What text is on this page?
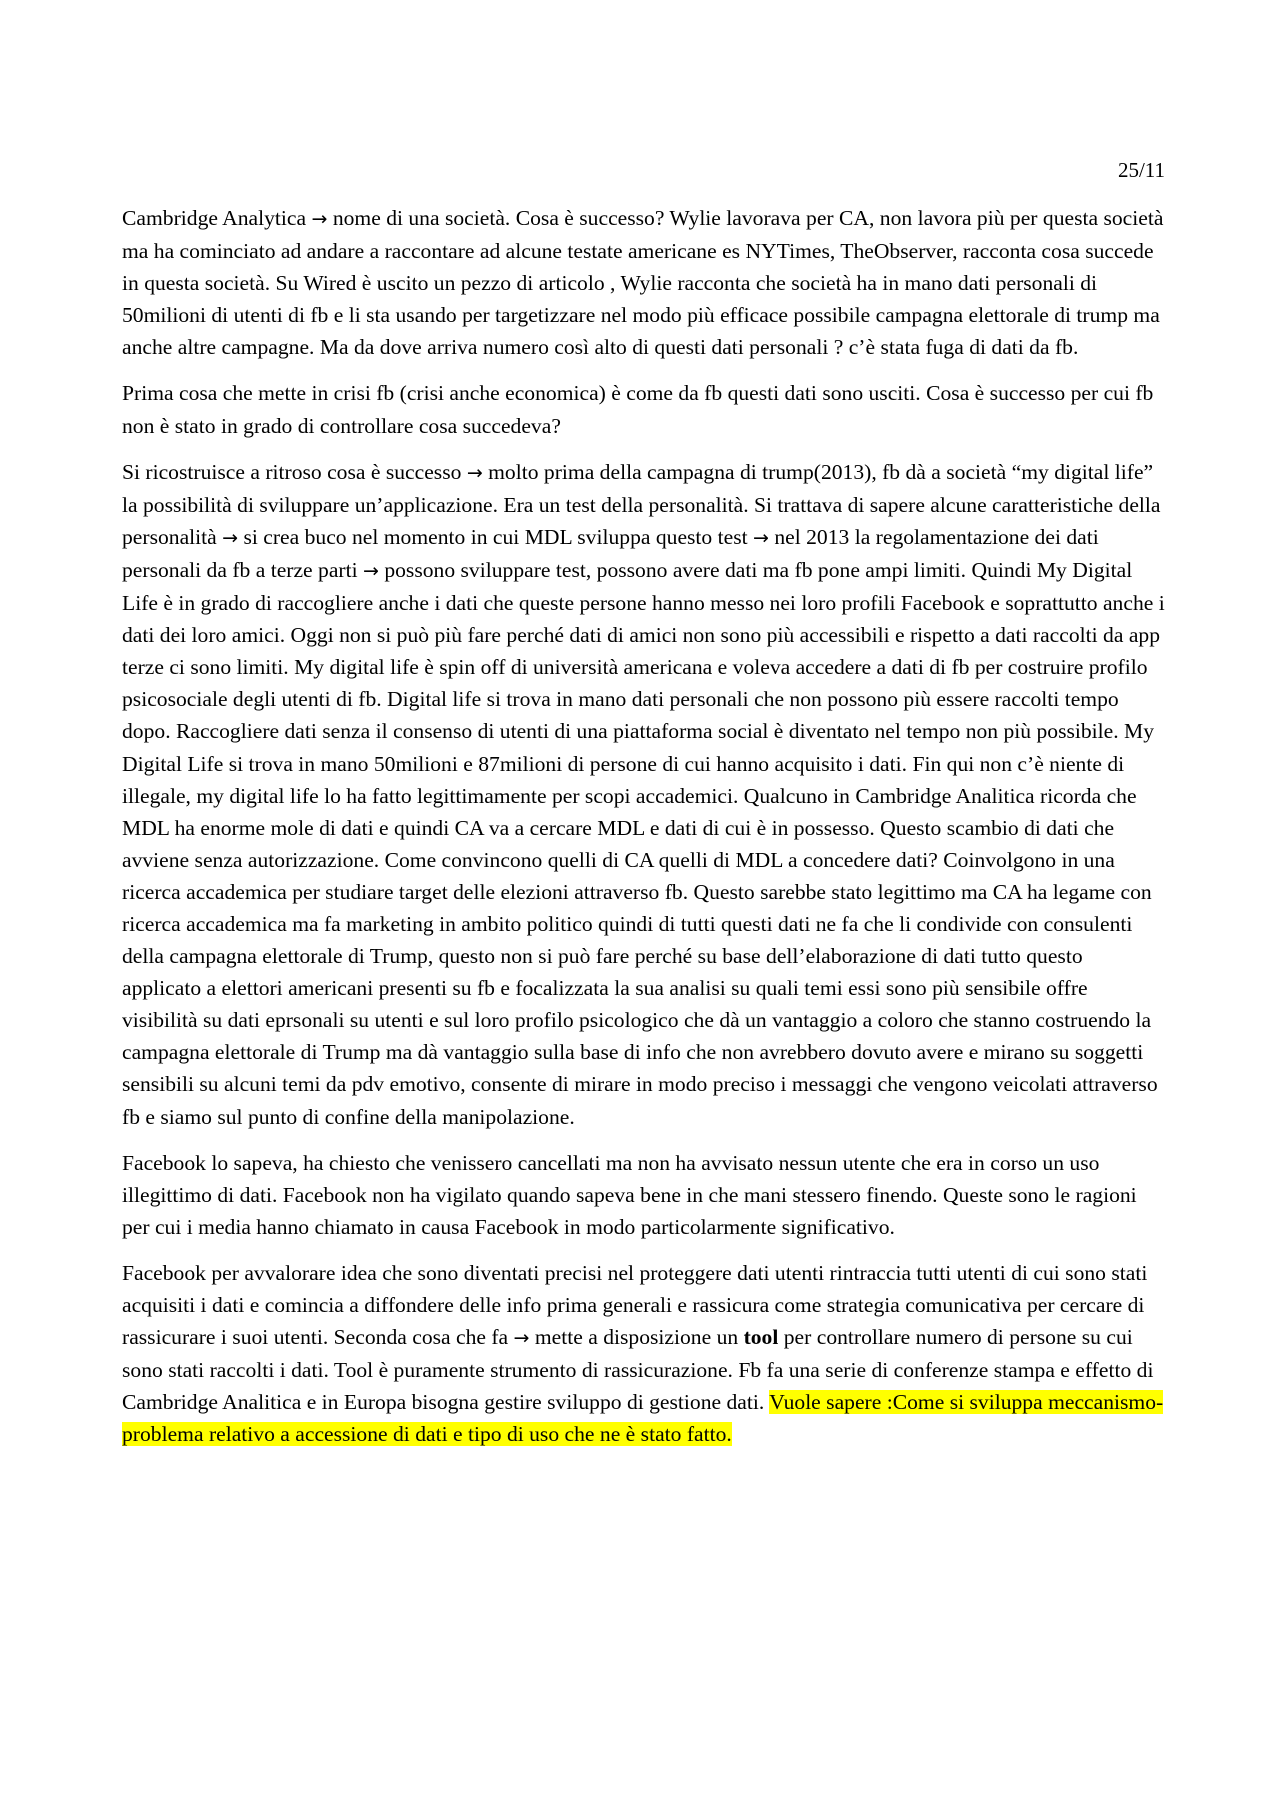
25/11

Cambridge Analytica → nome di una società. Cosa è successo? Wylie lavorava per CA, non lavora più per questa società ma ha cominciato ad andare a raccontare ad alcune testate americane es NYTimes, TheObserver, racconta cosa succede in questa società. Su Wired è uscito un pezzo di articolo , Wylie racconta che società ha in mano dati personali di 50milioni di utenti di fb e li sta usando per targetizzare nel modo più efficace possibile campagna elettorale di trump ma anche altre campagne. Ma da dove arriva numero così alto di questi dati personali ? c’è stata fuga di dati da fb.

Prima cosa che mette in crisi fb (crisi anche economica) è come da fb questi dati sono usciti. Cosa è successo per cui fb non è stato in grado di controllare cosa succedeva?

Si ricostruisce a ritroso cosa è successo → molto prima della campagna di trump(2013), fb dà a società “my digital life” la possibilità di sviluppare un’applicazione. Era un test della personalità. Si trattava di sapere alcune caratteristiche della personalità → si crea buco nel momento in cui MDL sviluppa questo test → nel 2013 la regolamentazione dei dati personali da fb a terze parti → possono sviluppare test, possono avere dati ma fb pone ampi limiti. Quindi My Digital Life è in grado di raccogliere anche i dati che queste persone hanno messo nei loro profili Facebook e soprattutto anche i dati dei loro amici. Oggi non si può più fare perché dati di amici non sono più accessibili e rispetto a dati raccolti da app terze ci sono limiti. My digital life è spin off di università americana e voleva accedere a dati di fb per costruire profilo psicosociale degli utenti di fb. Digital life si trova in mano dati personali che non possono più essere raccolti tempo dopo. Raccogliere dati senza il consenso di utenti di una piattaforma social è diventato nel tempo non più possibile. My Digital Life si trova in mano 50milioni e 87milioni di persone di cui hanno acquisito i dati. Fin qui non c’è niente di illegale, my digital life lo ha fatto legittimamente per scopi accademici. Qualcuno in Cambridge Analitica ricorda che MDL ha enorme mole di dati e quindi CA va a cercare MDL e dati di cui è in possesso. Questo scambio di dati che avviene senza autorizzazione. Come convincono quelli di CA quelli di MDL a concedere dati? Coinvolgono in una ricerca accademica per studiare target delle elezioni attraverso fb. Questo sarebbe stato legittimo ma CA ha legame con ricerca accademica ma fa marketing in ambito politico quindi di tutti questi dati ne fa che li condivide con consulenti della campagna elettorale di Trump, questo non si può fare perché su base dell’elaborazione di dati tutto questo applicato a elettori americani presenti su fb e focalizzata la sua analisi su quali temi essi sono più sensibile offre visibilità su dati eprsonali su utenti e sul loro profilo psicologico che dà un vantaggio a coloro che stanno costruendo la campagna elettorale di Trump ma dà vantaggio sulla base di info che non avrebbero dovuto avere e mirano su soggetti sensibili su alcuni temi da pdv emotivo, consente di mirare in modo preciso i messaggi che vengono veicolati attraverso fb e siamo sul punto di confine della manipolazione.

Facebook lo sapeva, ha chiesto che venissero cancellati ma non ha avvisato nessun utente che era in corso un uso illegittimo di dati. Facebook non ha vigilato quando sapeva bene in che mani stessero finendo. Queste sono le ragioni per cui i media hanno chiamato in causa Facebook in modo particolarmente significativo.

Facebook per avvalorare idea che sono diventati precisi nel proteggere dati utenti rintraccia tutti utenti di cui sono stati acquisiti i dati e comincia a diffondere delle info prima generali e rassicura come strategia comunicativa per cercare di rassicurare i suoi utenti. Seconda cosa che fa → mette a disposizione un tool per controllare numero di persone su cui sono stati raccolti i dati. Tool è puramente strumento di rassicurazione. Fb fa una serie di conferenze stampa e effetto di Cambridge Analitica e in Europa bisogna gestire sviluppo di gestione dati. Vuole sapere :Come si sviluppa meccanismo- problema relativo a accessione di dati e tipo di uso che ne è stato fatto.
